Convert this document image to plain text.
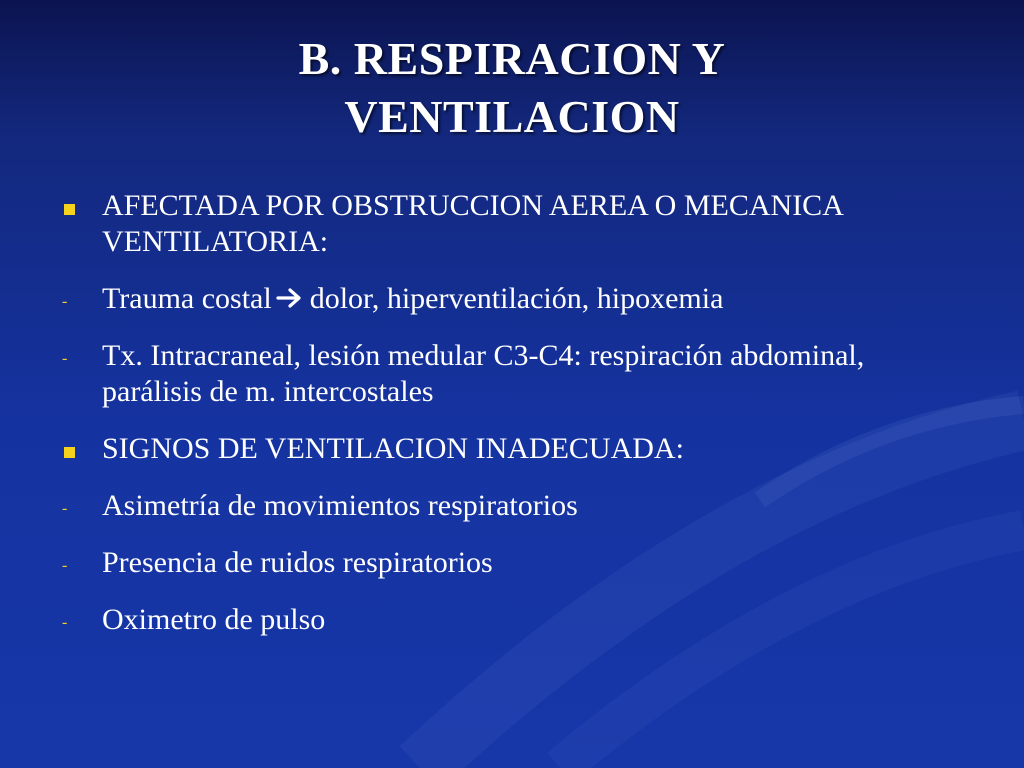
B. RESPIRACION Y
VENTILACION
AFECTADA POR OBSTRUCCION AEREA O MECANICA VENTILATORIA:
- Trauma costal dolor, hiperventilación, hipoxemia
- Tx. Intracraneal, lesión medular C3-C4: respiración abdominal, parálisis de m. intercostales
SIGNOS DE VENTILACION INADECUADA:
- Asimetría de movimientos respiratorios
- Presencia de ruidos respiratorios
- Oximetro de pulso
